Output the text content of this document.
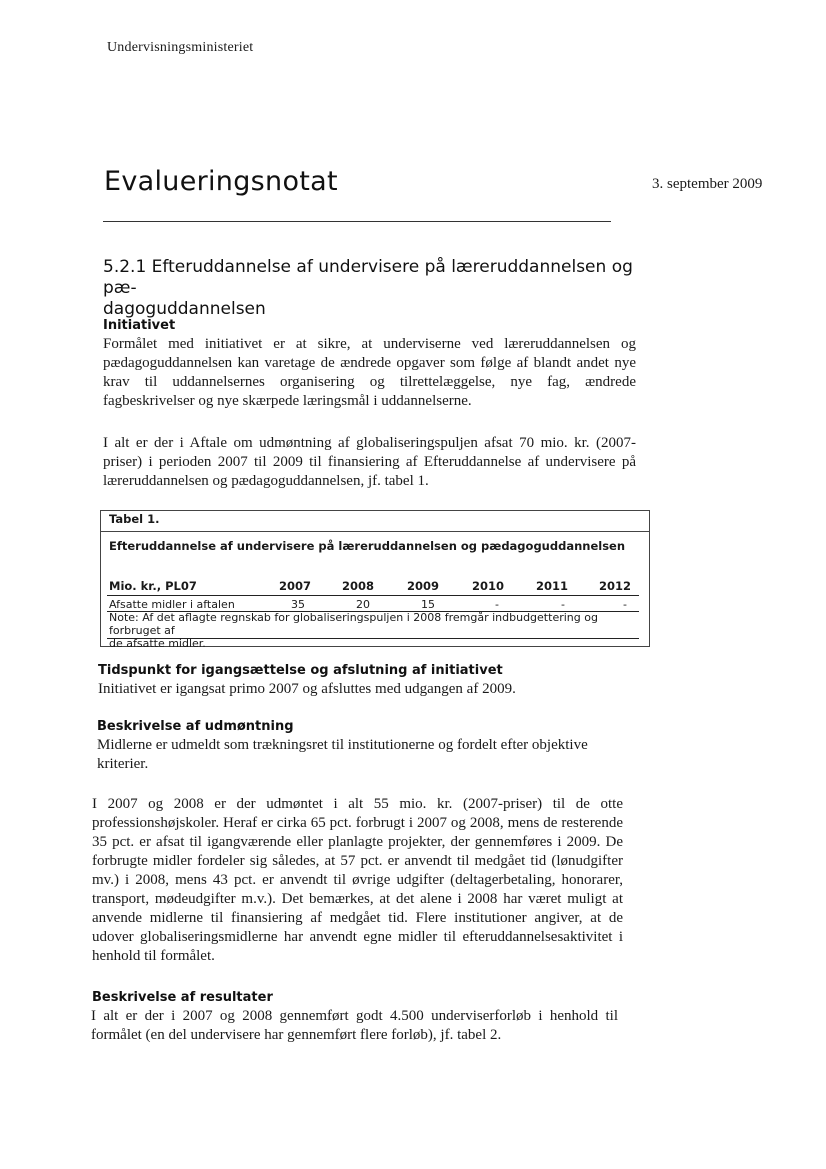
Undervisningsministeriet
Evalueringsnotat	3. september 2009
5.2.1 Efteruddannelse af undervisere på læreruddannelsen og pæ-
dagoguddannelsen
Initiativet
Formålet med initiativet er at sikre, at underviserne ved læreruddannelsen og pædagoguddannelsen kan varetage de ændrede opgaver som følge af blandt andet nye krav til uddannelsernes organisering og tilrettelæggelse, nye fag, ændrede fagbeskrivelser og nye skærpede læringsmål i uddannelserne.
I alt er der i Aftale om udmøntning af globaliseringspuljen afsat 70 mio. kr. (2007-priser) i perioden 2007 til 2009 til finansiering af Efteruddannelse af undervisere på læreruddannelsen og pædagoguddannelsen, jf. tabel 1.
Tabel 1.
Efteruddannelse af undervisere på læreruddannelsen og pædagoguddannelsen
Mio. kr., PL07	2007	2008	2009	2010	2011	2012
Afsatte midler i aftalen	35	20	15	-	-	-
Note: Af det aflagte regnskab for globaliseringspuljen i 2008 fremgår indbudgettering og forbruget af
de afsatte midler.
Tidspunkt for igangsættelse og afslutning af initiativet
Initiativet er igangsat primo 2007 og afsluttes med udgangen af 2009.
Beskrivelse af udmøntning
Midlerne er udmeldt som trækningsret til institutionerne og fordelt efter objektive kriterier.
I 2007 og 2008 er der udmøntet i alt 55 mio. kr. (2007-priser) til de otte professionshøjskoler. Heraf er cirka 65 pct. forbrugt i 2007 og 2008, mens de resterende 35 pct. er afsat til igangværende eller planlagte projekter, der gennemføres i 2009. De forbrugte midler fordeler sig således, at 57 pct. er anvendt til medgået tid (lønudgifter mv.) i 2008, mens 43 pct. er anvendt til øvrige udgifter (deltagerbetaling, honorarer, transport, mødeudgifter m.v.). Det bemærkes, at det alene i 2008 har været muligt at anvende midlerne til finansiering af medgået tid. Flere institutioner angiver, at de udover globaliseringsmidlerne har anvendt egne midler til efteruddannelsesaktivitet i henhold til formålet.
Beskrivelse af resultater
I alt er der i 2007 og 2008 gennemført godt 4.500 underviserforløb i henhold til formålet (en del undervisere har gennemført flere forløb), jf. tabel 2.
